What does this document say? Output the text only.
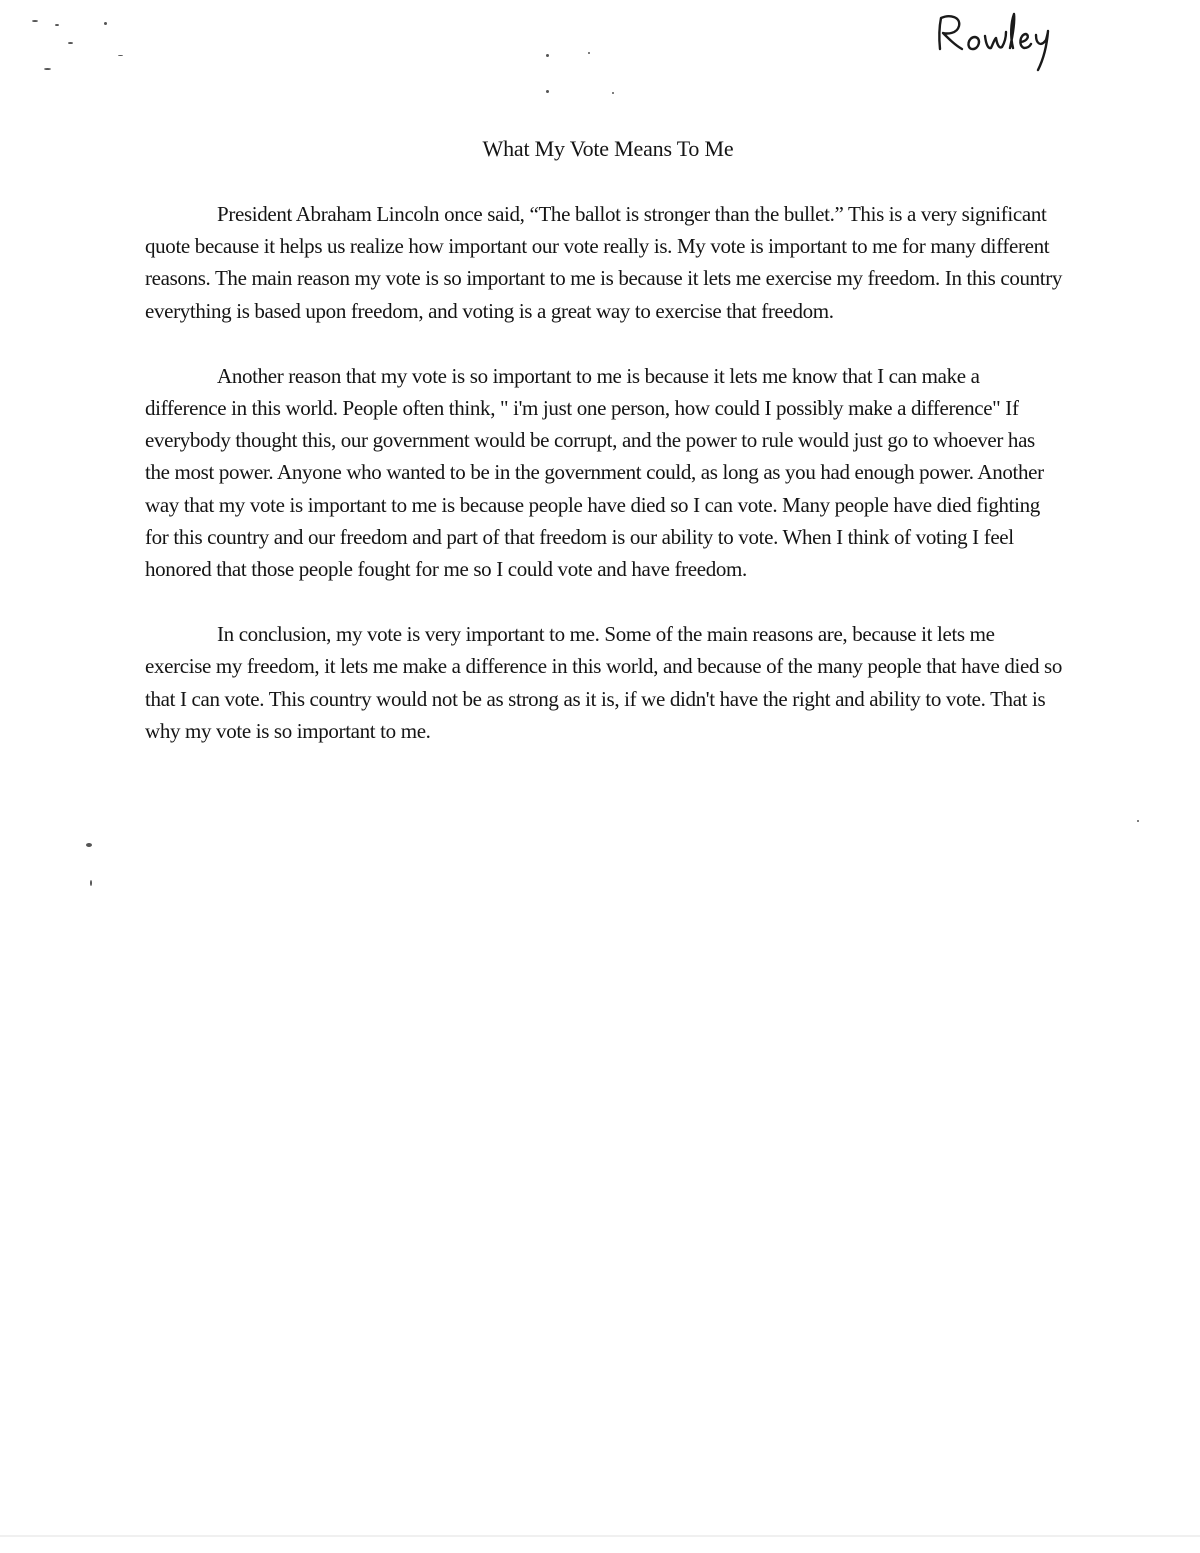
What My Vote Means To Me

President Abraham Lincoln once said, “The ballot is stronger than the bullet.” This is a very significant quote because it helps us realize how important our vote really is. My vote is important to me for many different reasons. The main reason my vote is so important to me is because it lets me exercise my freedom. In this country everything is based upon freedom, and voting is a great way to exercise that freedom.

Another reason that my vote is so important to me is because it lets me know that I can make a difference in this world. People often think, " i'm just one person, how could I possibly make a difference" If everybody thought this, our government would be corrupt, and the power to rule would just go to whoever has the most power. Anyone who wanted to be in the government could, as long as you had enough power. Another way that my vote is important to me is because people have died so I can vote. Many people have died fighting for this country and our freedom and part of that freedom is our ability to vote. When I think of voting I feel honored that those people fought for me so I could vote and have freedom.

In conclusion, my vote is very important to me. Some of the main reasons are, because it lets me exercise my freedom, it lets me make a difference in this world, and because of the many people that have died so that I can vote. This country would not be as strong as it is, if we didn't have the right and ability to vote. That is why my vote is so important to me.
